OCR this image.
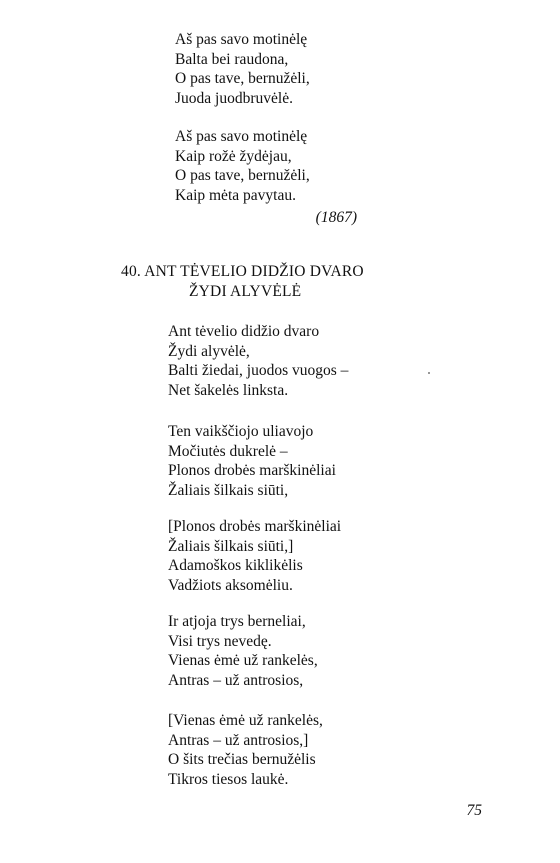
Aš pas savo motinėlę
Balta bei raudona,
O pas tave, bernužėli,
Juoda juodbruvėlė.
Aš pas savo motinėlę
Kaip rožė žydėjau,
O pas tave, bernužėli,
Kaip mėta pavytau.
(1867)
40. ANT TĖVELIO DIDŽIO DVARO
ŽYDI ALYVĖLĖ
Ant tėvelio didžio dvaro
Žydi alyvėlė,
Balti žiedai, juodos vuogos –
Net šakelės linksta.
Ten vaikščiojo uliavojo
Močiutės dukrelė –
Plonos drobės marškinėliai
Žaliais šilkais siūti,
[Plonos drobės marškinėliai
Žaliais šilkais siūti,]
Adamoškos kiklikėlis
Vadžiots aksomėliu.
Ir atjoja trys berneliai,
Visi trys nevedę.
Vienas ėmė už rankelės,
Antras – už antrosios,
[Vienas ėmė už rankelės,
Antras – už antrosios,]
O šits trečias bernužėlis
Tikros tiesos laukė.
75
